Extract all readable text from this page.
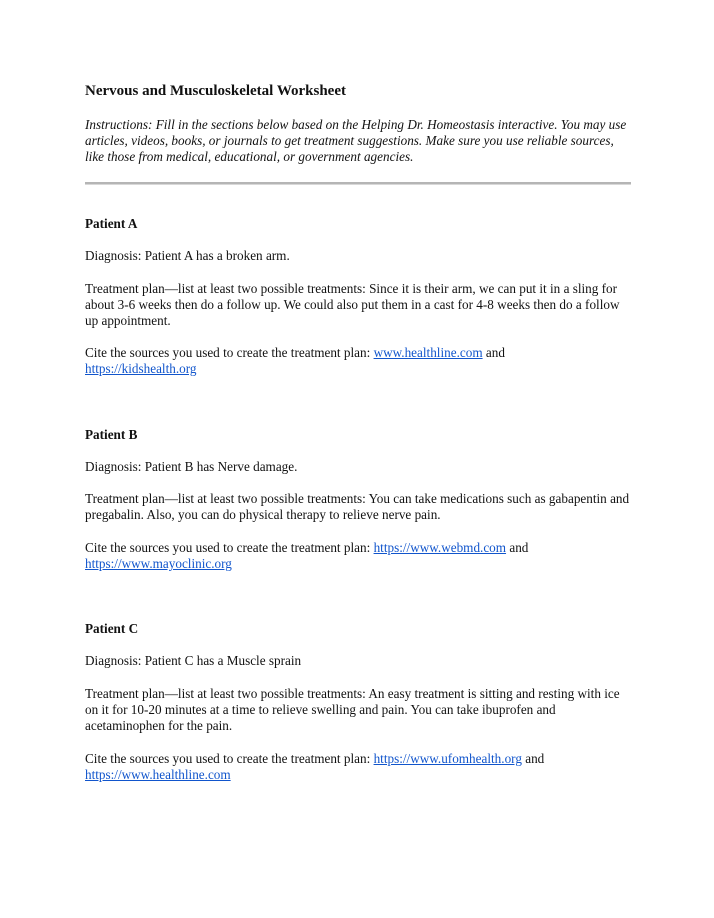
Nervous and Musculoskeletal Worksheet
Instructions: Fill in the sections below based on the Helping Dr. Homeostasis interactive. You may use articles, videos, books, or journals to get treatment suggestions. Make sure you use reliable sources, like those from medical, educational, or government agencies.
Patient A
Diagnosis: Patient A has a broken arm.
Treatment plan—list at least two possible treatments: Since it is their arm, we can put it in a sling for about 3-6 weeks then do a follow up. We could also put them in a cast for 4-8 weeks then do a follow up appointment.
Cite the sources you used to create the treatment plan: www.healthline.com and
https://kidshealth.org
Patient B
Diagnosis: Patient B has Nerve damage.
Treatment plan—list at least two possible treatments: You can take medications such as gabapentin and pregabalin. Also, you can do physical therapy to relieve nerve pain.
Cite the sources you used to create the treatment plan: https://www.webmd.com and
https://www.mayoclinic.org
Patient C
Diagnosis: Patient C has a Muscle sprain
Treatment plan—list at least two possible treatments: An easy treatment is sitting and resting with ice on it for 10-20 minutes at a time to relieve swelling and pain. You can take ibuprofen and acetaminophen for the pain.
Cite the sources you used to create the treatment plan: https://www.ufomhealth.org and
https://www.healthline.com
